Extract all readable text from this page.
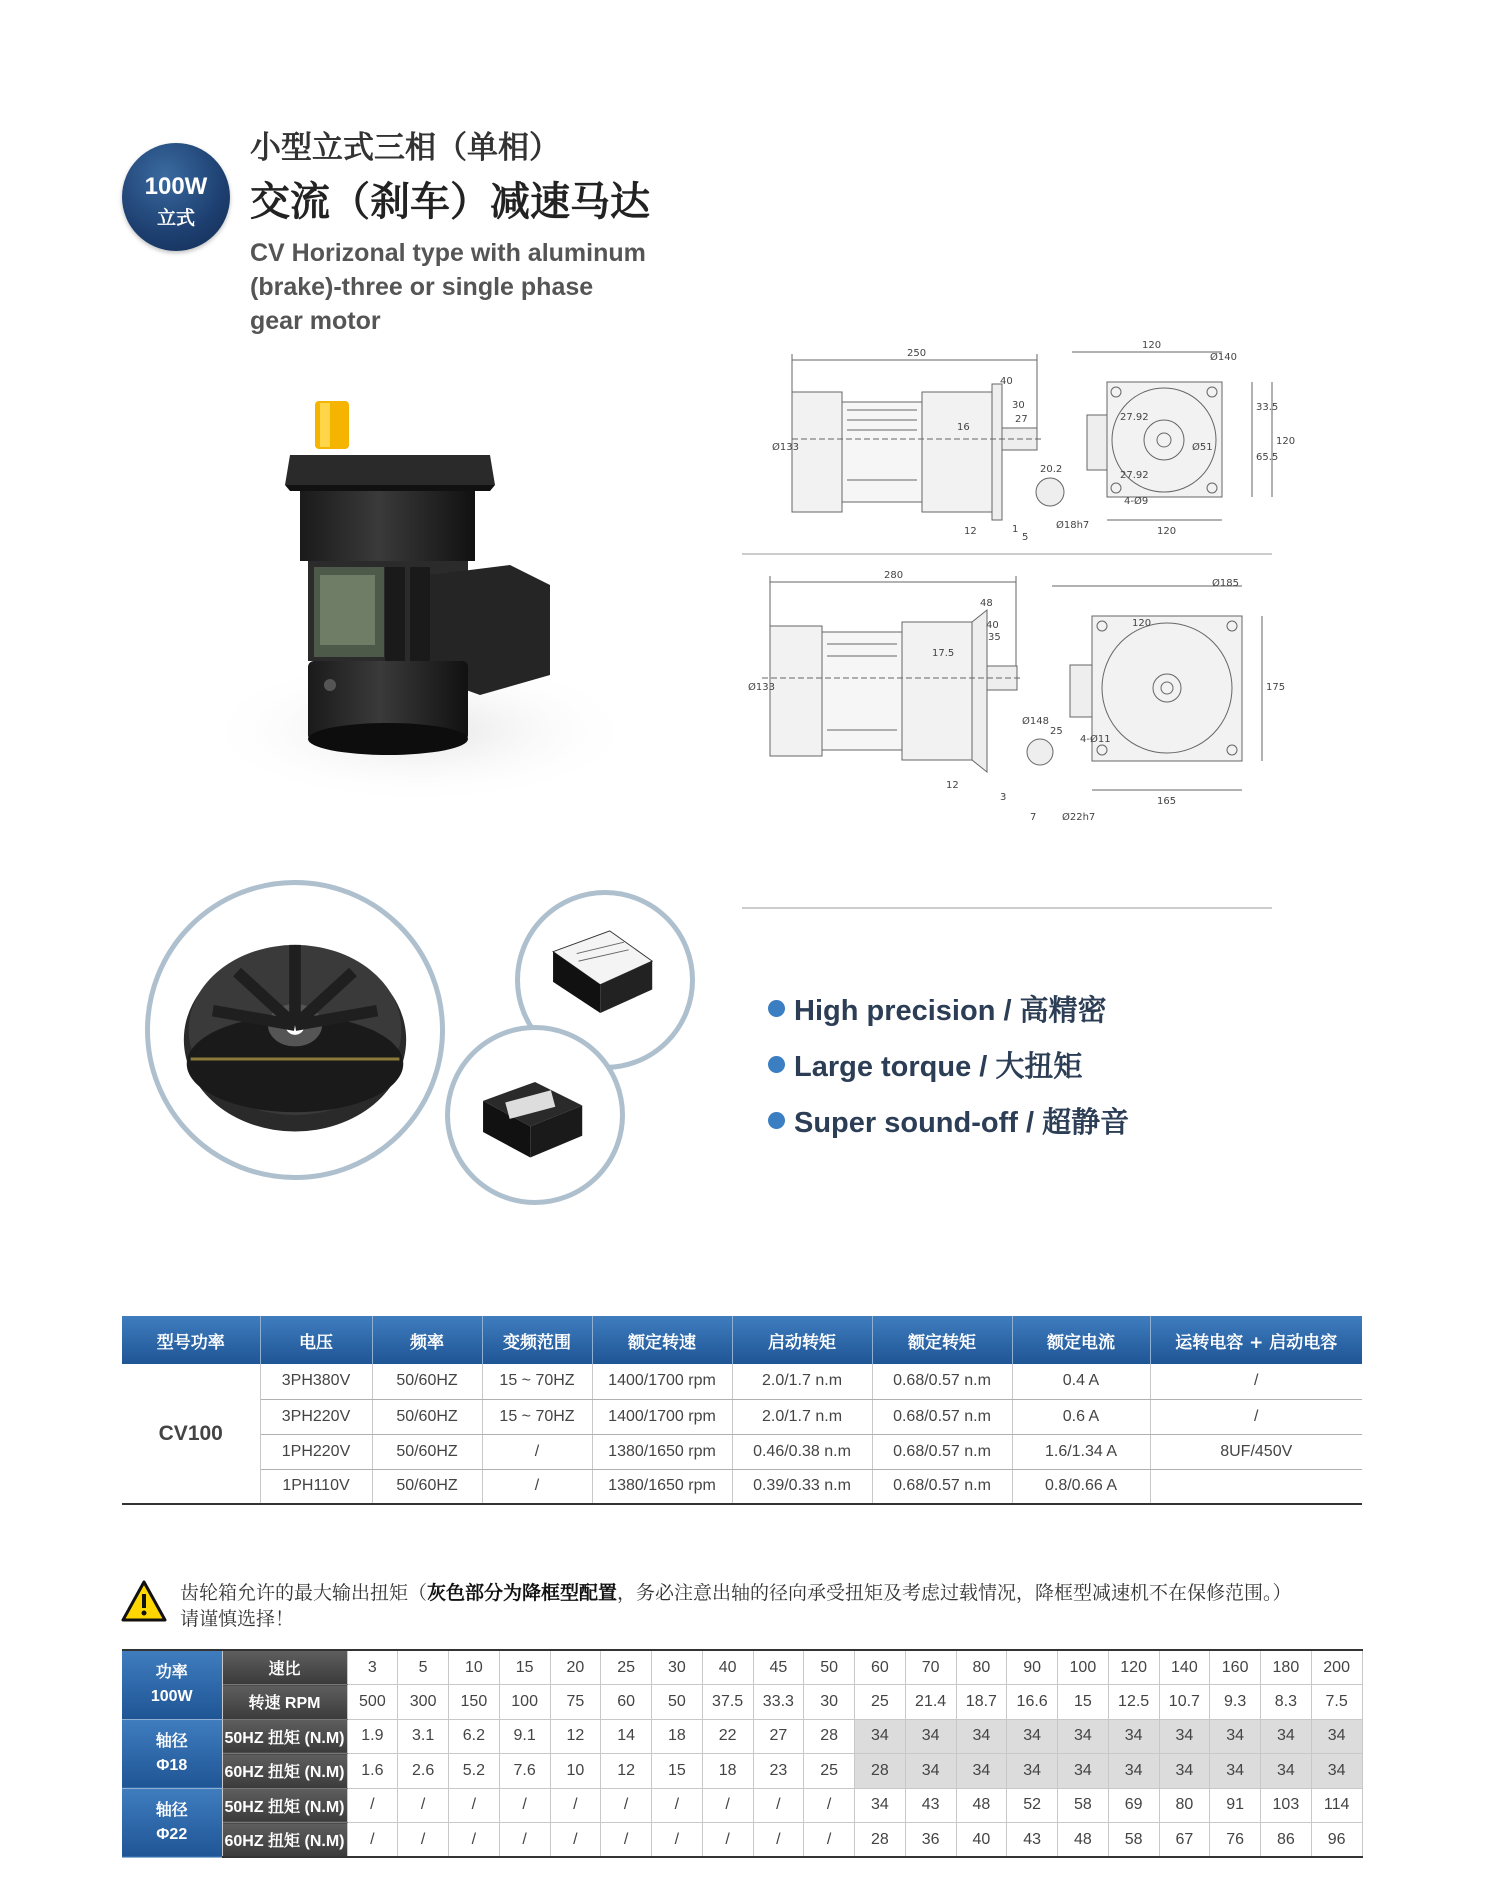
100W
立式
小型立式三相（单相）
交流（刹车）减速马达
CV Horizonal type with aluminum
(brake)-three or single phase
gear motor
250
40
30
27
16
Ø133
12
20.2
1
5
Ø18h7
120
Ø140
Ø51
27.92
27.92
33.5
65.5
120
4-Ø9
120
280
48
40
35
17.5
Ø133
Ø148
12
3
25
7	Ø22h7
120
Ø185
175
4-Ø11
165
High precision / 高精密
Large torque / 大扭矩
Super sound-off / 超静音
型号功率	电压	频率	变频范围	额定转速	启动转矩	额定转矩	额定电流	运转电容 + 启动电容
CV100	3PH380V	50/60HZ	15 ~ 70HZ	1400/1700 rpm	2.0/1.7 n.m	0.68/0.57 n.m	0.4 A	/
	3PH220V	50/60HZ	15 ~ 70HZ	1400/1700 rpm	2.0/1.7 n.m	0.68/0.57 n.m	0.6 A	/
	1PH220V	50/60HZ	/	1380/1650 rpm	0.46/0.38 n.m	0.68/0.57 n.m	1.6/1.34 A	8UF/450V
	1PH110V	50/60HZ	/	1380/1650 rpm	0.39/0.33 n.m	0.68/0.57 n.m	0.8/0.66 A	
齿轮箱允许的最大输出扭矩（灰色部分为降框型配置，务必注意出轴的径向承受扭矩及考虑过载情况，降框型减速机不在保修范围。）
请谨慎选择！
功率
100W	速比	3	5	10	15	20	25	30	40	45	50	60	70	80	90	100	120	140	160	180	200
	转速 RPM	500	300	150	100	75	60	50	37.5	33.3	30	25	21.4	18.7	16.6	15	12.5	10.7	9.3	8.3	7.5

轴径
Φ18	50HZ 扭矩 (N.M)	1.9	3.1	6.2	9.1	12	14	18	22	27	28	34	34	34	34	34	34	34	34	34	34
	60HZ 扭矩 (N.M)	1.6	2.6	5.2	7.6	10	12	15	18	23	25	28	34	34	34	34	34	34	34	34	34

轴径
Φ22	50HZ 扭矩 (N.M)	/	/	/	/	/	/	/	/	/	/	34	43	48	52	58	69	80	91	103	114
	60HZ 扭矩 (N.M)	/	/	/	/	/	/	/	/	/	/	28	36	40	43	48	58	67	76	86	96
